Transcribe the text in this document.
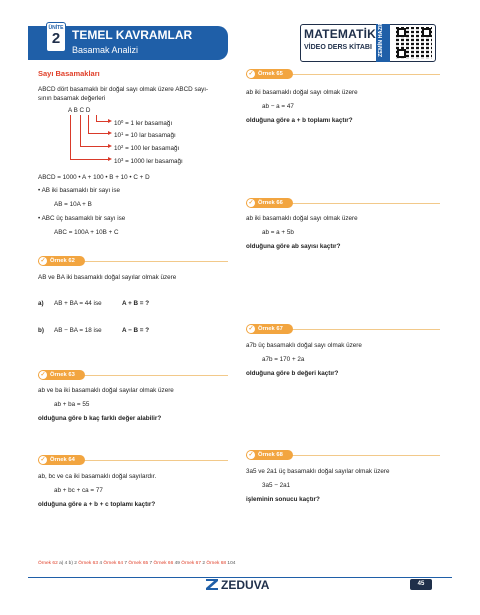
ÜNİTE
2 TEMEL KAVRAMLAR
Basamak Analizi
MATEMATİK
VİDEO DERS KİTABI ZEMİN HAZIRLIK
Sayı Basamakları
ABCD dört basamaklı bir doğal sayı olmak üzere ABCD sayı-
sının basamak değerleri
A B C D
$10^0 = 1$ ler basamağı
$10^1 = 10$ lar basamağı
$10^2 = 100$ ler basamağı
$10^3 = 1000$ ler basamağı
ABCD = 1000 • A + 100 • B + 10 • C + D
• AB iki basamaklı bir sayı ise
AB = 10A + B
• ABC üç basamaklı bir sayı ise
ABC = 100A + 10B + C
✓ Örnek 62
AB ve BA iki basamaklı doğal sayılar olmak üzere
a) AB + BA = 44 ise	A + B = ?
b) AB − BA = 18 ise	A − B = ?
✓ Örnek 63
ab ve ba iki basamaklı doğal sayılar olmak üzere
ab + ba = 55
olduğuna göre b kaç farklı değer alabilir?
✓ Örnek 64
ab, bc ve ca iki basamaklı doğal sayılardır.
ab + bc + ca = 77
olduğuna göre a + b + c toplamı kaçtır?
✓ Örnek 65
ab iki basamaklı doğal sayı olmak üzere
ab − a = 47
olduğuna göre a + b toplamı kaçtır?
✓ Örnek 66
ab iki basamaklı doğal sayı olmak üzere
ab = a + 5b
olduğuna göre ab sayısı kaçtır?
✓ Örnek 67
a7b üç basamaklı doğal sayı olmak üzere
a7b = 170 + 2a
olduğuna göre b değeri kaçtır?
✓ Örnek 68
3a5 ve 2a1 üç basamaklı doğal sayılar olmak üzere
3a5 − 2a1
işleminin sonucu kaçtır?
Örnek 62 a) 4 b) 2 Örnek 63 4 Örnek 64 7 Örnek 65 7 Örnek 66 49 Örnek 67 2 Örnek 68 104
ZEDUVA	45
